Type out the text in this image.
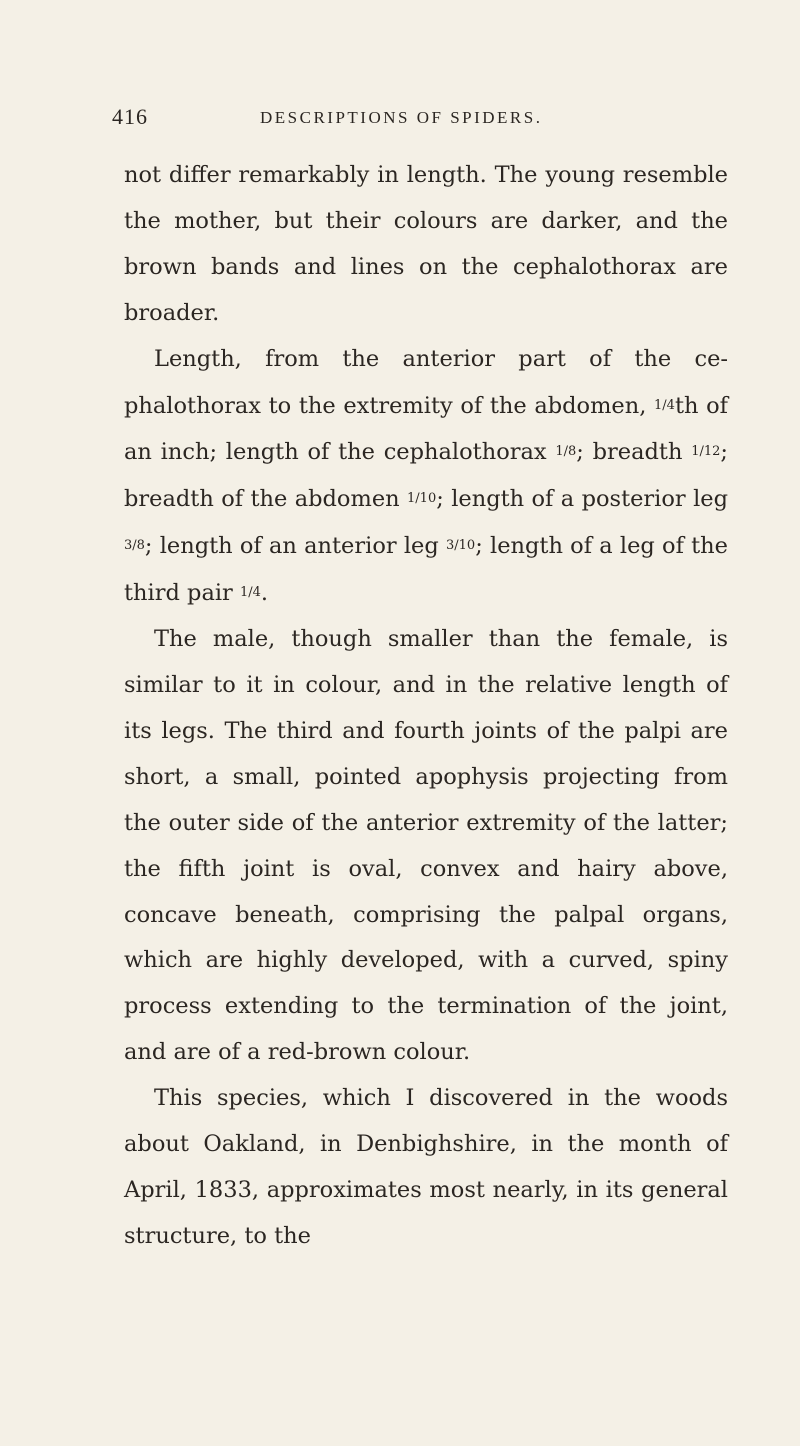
416	DESCRIPTIONS OF SPIDERS.

not differ remarkably in length. The young resemble the mother, but their colours are darker, and the brown bands and lines on the cephalothorax are broader.

Length, from the anterior part of the ce-phalothorax to the extremity of the abdomen, 1/4th of an inch; length of the cephalothorax 1/8; breadth 1/12; breadth of the abdomen 1/10; length of a posterior leg 3/8; length of an anterior leg 3/10; length of a leg of the third pair 1/4.

The male, though smaller than the female, is similar to it in colour, and in the relative length of its legs. The third and fourth joints of the palpi are short, a small, pointed apophysis projecting from the outer side of the anterior extremity of the latter; the fifth joint is oval, convex and hairy above, concave beneath, comprising the palpal organs, which are highly developed, with a curved, spiny process extending to the termination of the joint, and are of a red-brown colour.

This species, which I discovered in the woods about Oakland, in Denbighshire, in the month of April, 1833, approximates most nearly, in its general structure, to the
